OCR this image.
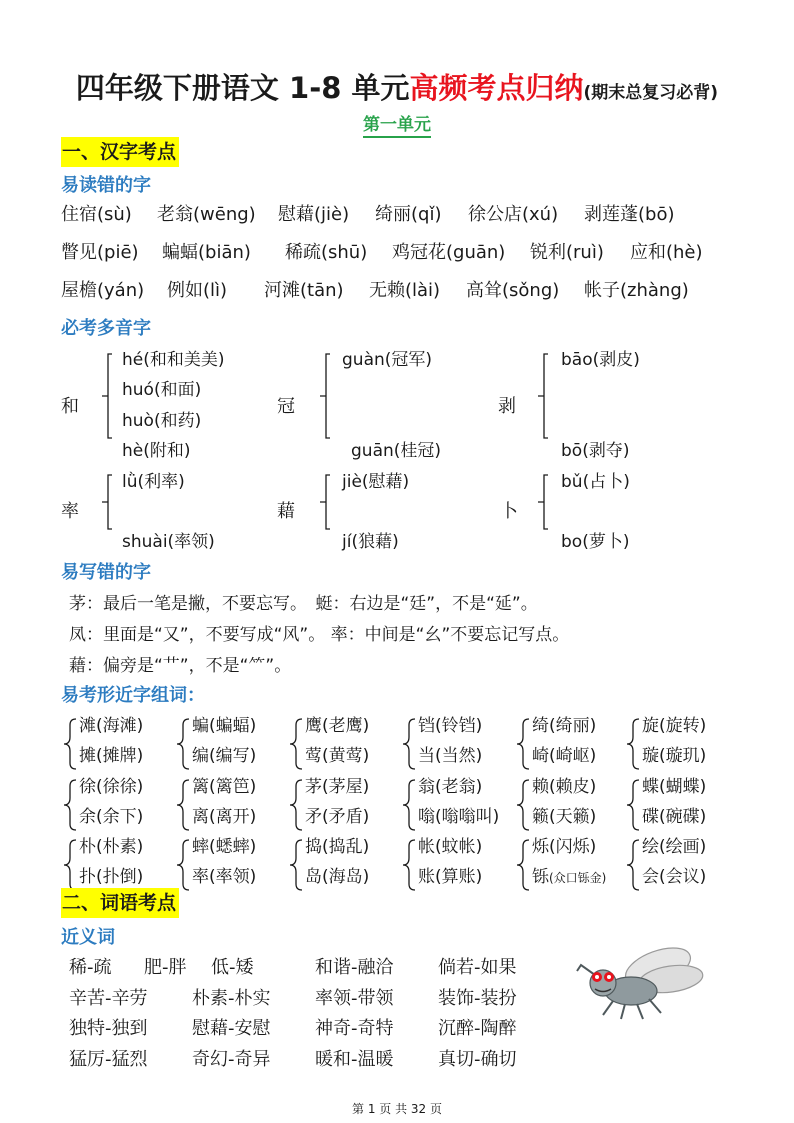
四年级下册语文 1-8 单元高频考点归纳(期末总复习必背)
第一单元
一、汉字考点
易读错的字
住宿(sù) 老翁(wēng) 慰藉(jiè) 绮丽(qǐ) 徐公店(xú) 剥莲蓬(bō)
瞥见(piē) 蝙蝠(biān) 稀疏(shū) 鸡冠花(guān) 锐利(ruì) 应和(hè)
屋檐(yán) 例如(lì) 河滩(tān) 无赖(lài) 高耸(sǒng) 帐子(zhàng)
必考多音字
和
hé(和和美美)
huó(和面)
huò(和药)
hè(附和)
冠
guàn(冠军)
guān(桂冠)
剥
bāo(剥皮)
bō(剥夺)
率
lǜ(利率)
shuài(率领)
藉
jiè(慰藉)
jí(狼藉)
卜
bǔ(占卜)
bo(萝卜)
易写错的字
茅：最后一笔是撇，不要忘写。　蜓：右边是“廷”，不是“延”。
凤：里面是“又”，不要写成“风”。 率：中间是“幺”不要忘记写点。
藉：偏旁是“艹”，不是“⺮”。
易考形近字组词：
滩(海滩)
摊(摊牌)
蝙(蝙蝠)
编(编写)
鹰(老鹰)
莺(黄莺)
铛(铃铛)
当(当然)
绮(绮丽)
崎(崎岖)
旋(旋转)
璇(璇玑)
徐(徐徐)
余(余下)
篱(篱笆)
离(离开)
茅(茅屋)
矛(矛盾)
翁(老翁)
嗡(嗡嗡叫)
赖(赖皮)
籁(天籁)
蝶(蝴蝶)
碟(碗碟)
朴(朴素)
扑(扑倒)
蟀(蟋蟀)
率(率领)
捣(捣乱)
岛(海岛)
帐(蚊帐)
账(算账)
烁(闪烁)
铄(众口铄金)
绘(绘画)
会(会议)
二、词语考点
近义词
稀-疏 肥-胖 低-矮	和谐-融洽 倘若-如果
辛苦-辛劳 朴素-朴实 率领-带领 装饰-装扮
独特-独到 慰藉-安慰 神奇-奇特 沉醉-陶醉
猛厉-猛烈 奇幻-奇异 暖和-温暖 真切-确切
第 1 页 共 32 页
